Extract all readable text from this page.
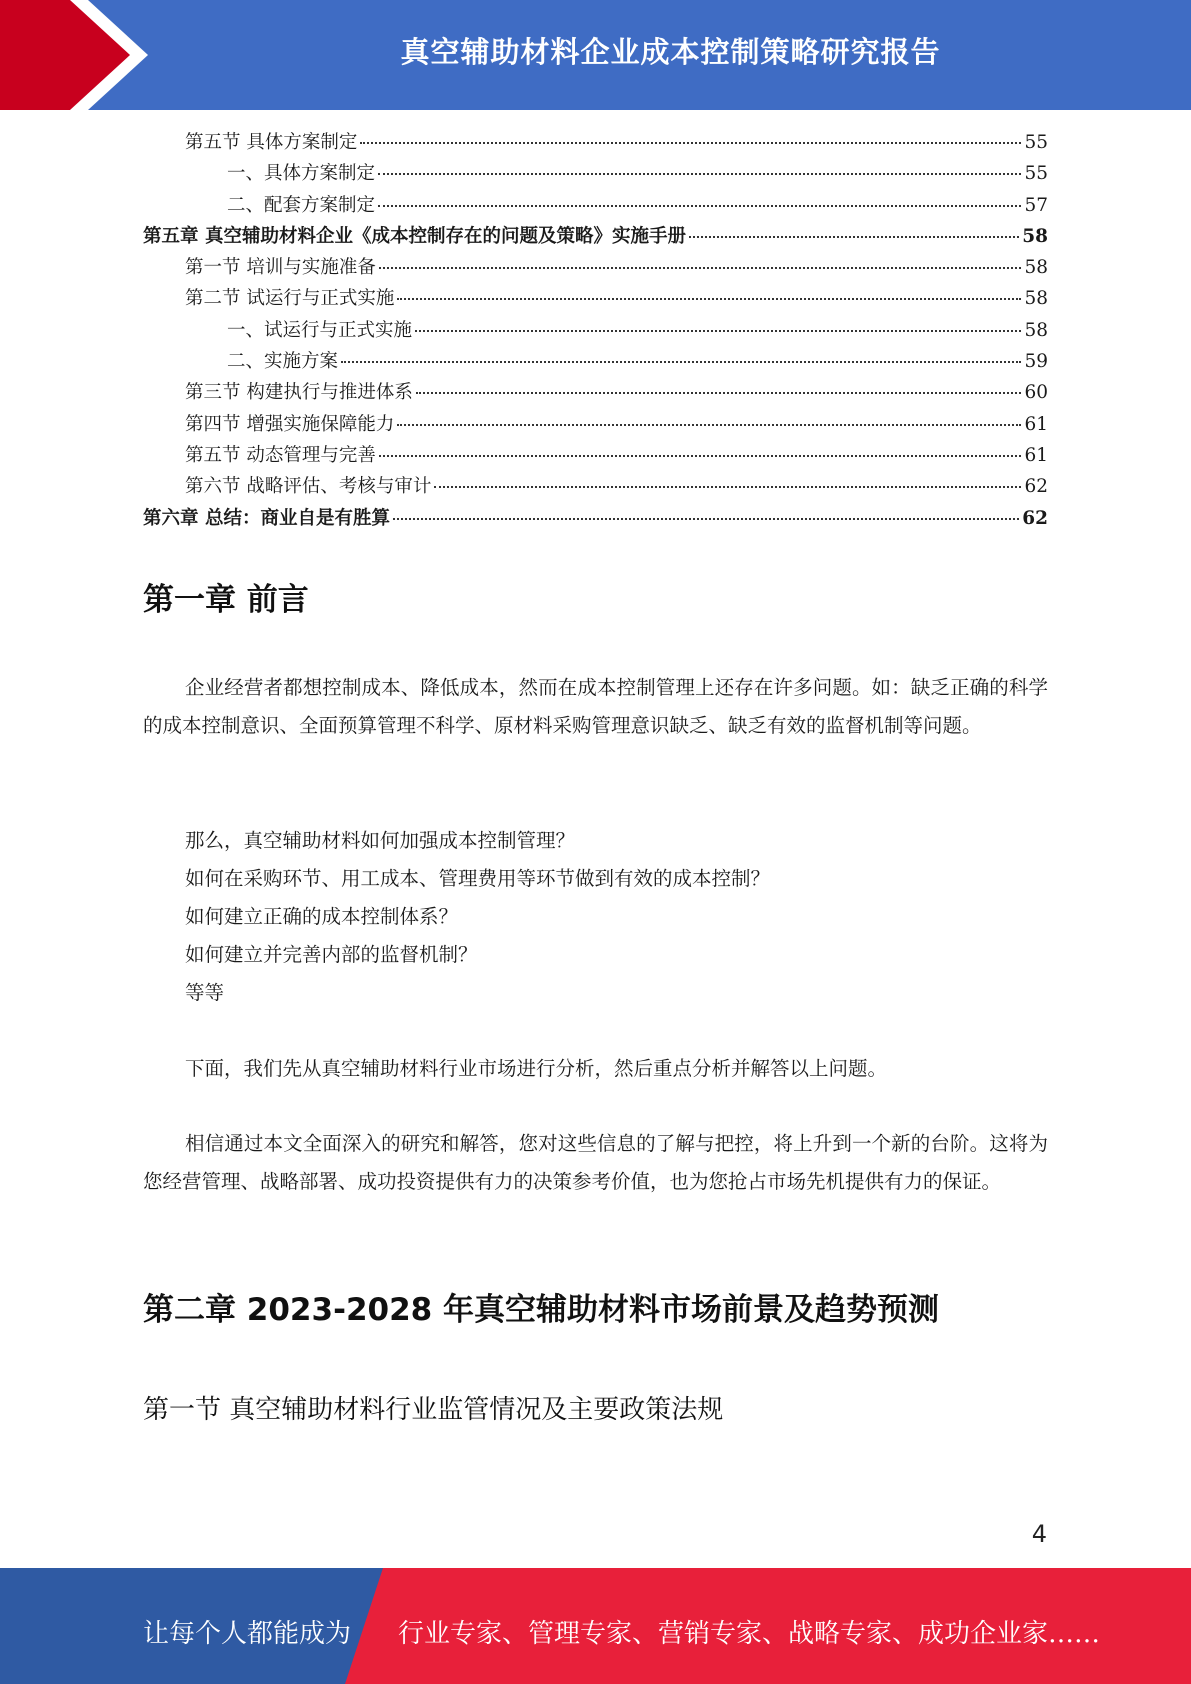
真空辅助材料企业成本控制策略研究报告
第五节 具体方案制定	55
一、具体方案制定	55
二、配套方案制定	57
第五章 真空辅助材料企业《成本控制存在的问题及策略》实施手册	58
第一节 培训与实施准备	58
第二节 试运行与正式实施	58
一、试运行与正式实施	58
二、实施方案	59
第三节 构建执行与推进体系	60
第四节 增强实施保障能力	61
第五节 动态管理与完善	61
第六节 战略评估、考核与审计	62
第六章 总结：商业自是有胜算	62
第一章 前言
企业经营者都想控制成本、降低成本，然而在成本控制管理上还存在许多问题。如：缺乏正确的科学的成本控制意识、全面预算管理不科学、原材料采购管理意识缺乏、缺乏有效的监督机制等问题。
那么，真空辅助材料如何加强成本控制管理？
如何在采购环节、用工成本、管理费用等环节做到有效的成本控制？
如何建立正确的成本控制体系？
如何建立并完善内部的监督机制？
等等
下面，我们先从真空辅助材料行业市场进行分析，然后重点分析并解答以上问题。
相信通过本文全面深入的研究和解答，您对这些信息的了解与把控，将上升到一个新的台阶。这将为您经营管理、战略部署、成功投资提供有力的决策参考价值，也为您抢占市场先机提供有力的保证。
第二章 2023-2028 年真空辅助材料市场前景及趋势预测
第一节 真空辅助材料行业监管情况及主要政策法规
4
让每个人都能成为 行业专家、管理专家、营销专家、战略专家、成功企业家……
